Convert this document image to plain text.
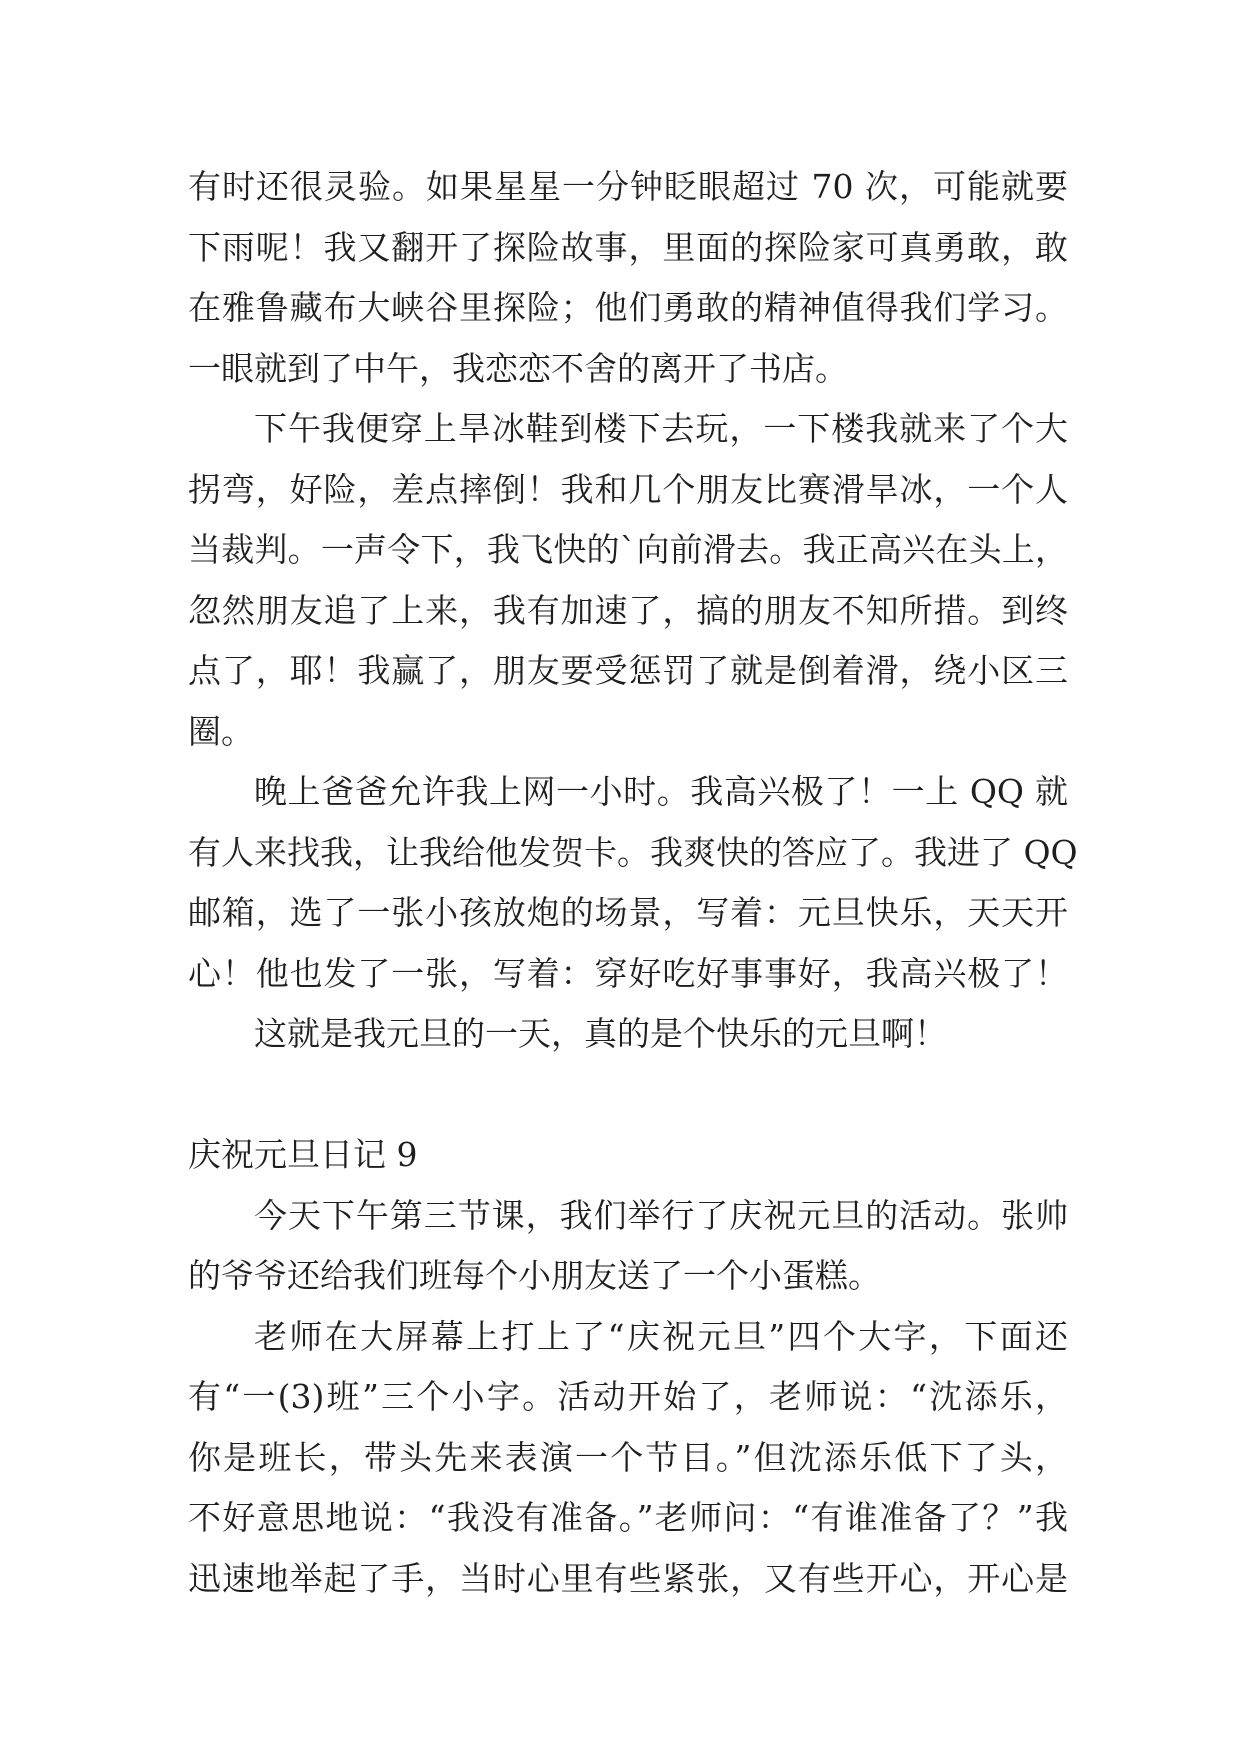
有时还很灵验。如果星星一分钟眨眼超过 70 次，可能就要
下雨呢！我又翻开了探险故事，里面的探险家可真勇敢，敢
在雅鲁藏布大峡谷里探险；他们勇敢的精神值得我们学习。
一眼就到了中午，我恋恋不舍的离开了书店。
下午我便穿上旱冰鞋到楼下去玩，一下楼我就来了个大
拐弯，好险，差点摔倒！我和几个朋友比赛滑旱冰，一个人
当裁判。一声令下，我飞快的`向前滑去。我正高兴在头上，
忽然朋友追了上来，我有加速了，搞的朋友不知所措。到终
点了，耶！我赢了，朋友要受惩罚了就是倒着滑，绕小区三
圈。
晚上爸爸允许我上网一小时。我高兴极了！一上 QQ 就
有人来找我，让我给他发贺卡。我爽快的答应了。我进了 QQ
邮箱，选了一张小孩放炮的场景，写着：元旦快乐，天天开
心！他也发了一张，写着：穿好吃好事事好，我高兴极了！
这就是我元旦的一天，真的是个快乐的元旦啊！
庆祝元旦日记 9
今天下午第三节课，我们举行了庆祝元旦的活动。张帅
的爷爷还给我们班每个小朋友送了一个小蛋糕。
老师在大屏幕上打上了“庆祝元旦”四个大字，下面还
有“一(3)班”三个小字。活动开始了，老师说：“沈添乐，
你是班长，带头先来表演一个节目。”但沈添乐低下了头，
不好意思地说：“我没有准备。”老师问：“有谁准备了？”我
迅速地举起了手，当时心里有些紧张，又有些开心，开心是
